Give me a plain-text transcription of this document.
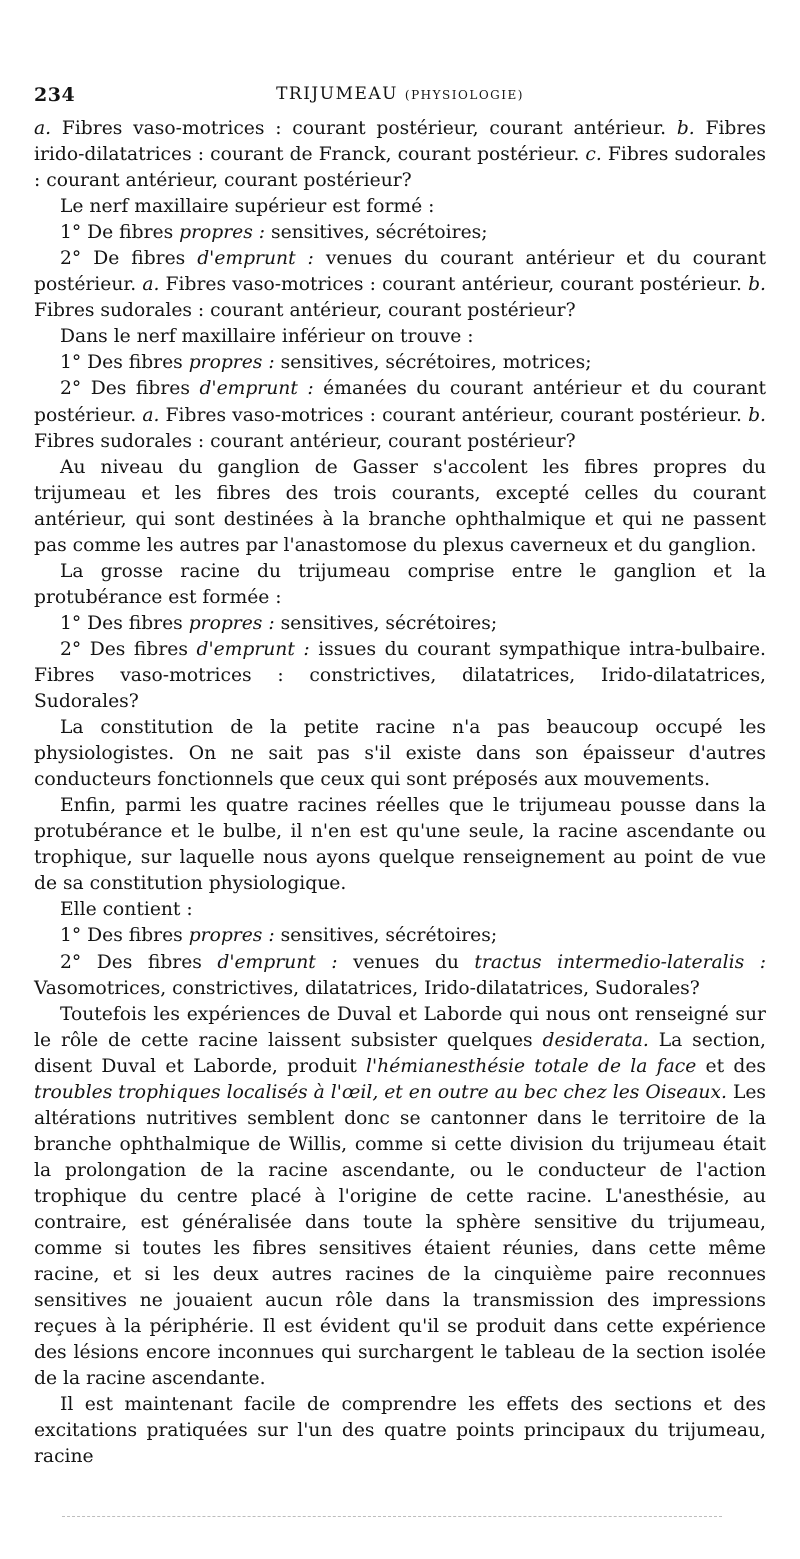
234	TRIJUMEAU (PHYSIOLOGIE)

a. Fibres vaso-motrices : courant postérieur, courant antérieur. b. Fibres irido-dilatatrices : courant de Franck, courant postérieur. c. Fibres sudorales : courant antérieur, courant postérieur?

Le nerf maxillaire supérieur est formé :

1° De fibres propres : sensitives, sécrétoires;

2° De fibres d'emprunt : venues du courant antérieur et du courant postérieur. a. Fibres vaso-motrices : courant antérieur, courant postérieur. b. Fibres sudorales : courant antérieur, courant postérieur?

Dans le nerf maxillaire inférieur on trouve :

1° Des fibres propres : sensitives, sécrétoires, motrices;

2° Des fibres d'emprunt : émanées du courant antérieur et du courant postérieur. a. Fibres vaso-motrices : courant antérieur, courant postérieur. b. Fibres sudorales : courant antérieur, courant postérieur?

Au niveau du ganglion de Gasser s'accolent les fibres propres du trijumeau et les fibres des trois courants, excepté celles du courant antérieur, qui sont destinées à la branche ophthalmique et qui ne passent pas comme les autres par l'anastomose du plexus caverneux et du ganglion.

La grosse racine du trijumeau comprise entre le ganglion et la protubérance est formée :

1° Des fibres propres : sensitives, sécrétoires;

2° Des fibres d'emprunt : issues du courant sympathique intra-bulbaire. Fibres vaso-motrices : constrictives, dilatatrices, Irido-dilatatrices, Sudorales?

La constitution de la petite racine n'a pas beaucoup occupé les physiologistes. On ne sait pas s'il existe dans son épaisseur d'autres conducteurs fonctionnels que ceux qui sont préposés aux mouvements.

Enfin, parmi les quatre racines réelles que le trijumeau pousse dans la protubérance et le bulbe, il n'en est qu'une seule, la racine ascendante ou trophique, sur laquelle nous ayons quelque renseignement au point de vue de sa constitution physiologique.

Elle contient :

1° Des fibres propres : sensitives, sécrétoires;

2° Des fibres d'emprunt : venues du tractus intermedio-lateralis : Vasomotrices, constrictives, dilatatrices, Irido-dilatatrices, Sudorales?

Toutefois les expériences de Duval et Laborde qui nous ont renseigné sur le rôle de cette racine laissent subsister quelques desiderata. La section, disent Duval et Laborde, produit l'hémianesthésie totale de la face et des troubles trophiques localisés à l'œil, et en outre au bec chez les Oiseaux. Les altérations nutritives semblent donc se cantonner dans le territoire de la branche ophthalmique de Willis, comme si cette division du trijumeau était la prolongation de la racine ascendante, ou le conducteur de l'action trophique du centre placé à l'origine de cette racine. L'anesthésie, au contraire, est généralisée dans toute la sphère sensitive du trijumeau, comme si toutes les fibres sensitives étaient réunies, dans cette même racine, et si les deux autres racines de la cinquième paire reconnues sensitives ne jouaient aucun rôle dans la transmission des impressions reçues à la périphérie. Il est évident qu'il se produit dans cette expérience des lésions encore inconnues qui surchargent le tableau de la section isolée de la racine ascendante.

Il est maintenant facile de comprendre les effets des sections et des excitations pratiquées sur l'un des quatre points principaux du trijumeau, racine
